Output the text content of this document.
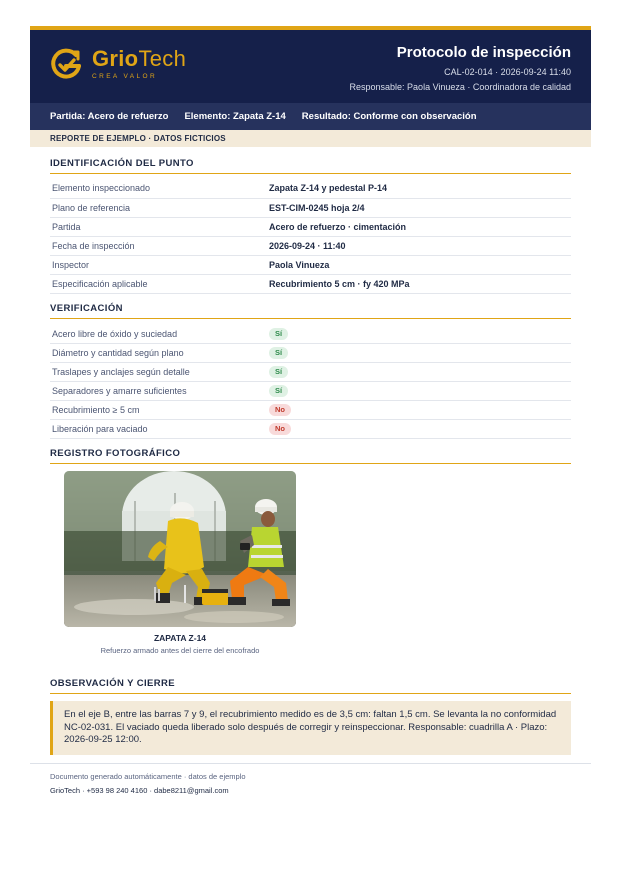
GrioTech
CREA VALOR
Protocolo de inspección
CAL-02-014 · 2026-09-24 11:40
Responsable: Paola Vinueza · Coordinadora de calidad
Partida: Acero de refuerzo Elemento: Zapata Z-14 Resultado: Conforme con observación
REPORTE DE EJEMPLO · DATOS FICTICIOS
IDENTIFICACIÓN DEL PUNTO
Elemento inspeccionado	Zapata Z-14 y pedestal P-14
Plano de referencia	EST-CIM-0245 hoja 2/4
Partida	Acero de refuerzo · cimentación
Fecha de inspección	2026-09-24 · 11:40
Inspector	Paola Vinueza
Especificación aplicable	Recubrimiento 5 cm · fy 420 MPa
VERIFICACIÓN
Acero libre de óxido y suciedad	Sí
Diámetro y cantidad según plano	Sí
Traslapes y anclajes según detalle	Sí
Separadores y amarre suficientes	Sí
Recubrimiento ≥ 5 cm	No
Liberación para vaciado	No
REGISTRO FOTOGRÁFICO
ZAPATA Z-14
Refuerzo armado antes del cierre del encofrado
OBSERVACIÓN Y CIERRE
En el eje B, entre las barras 7 y 9, el recubrimiento medido es de 3,5 cm: faltan 1,5 cm. Se levanta la no conformidad NC-02-031. El vaciado queda liberado solo después de corregir y reinspeccionar. Responsable: cuadrilla A · Plazo: 2026-09-25 12:00.
Documento generado automáticamente · datos de ejemplo
GrioTech · +593 98 240 4160 · dabe8211@gmail.com
